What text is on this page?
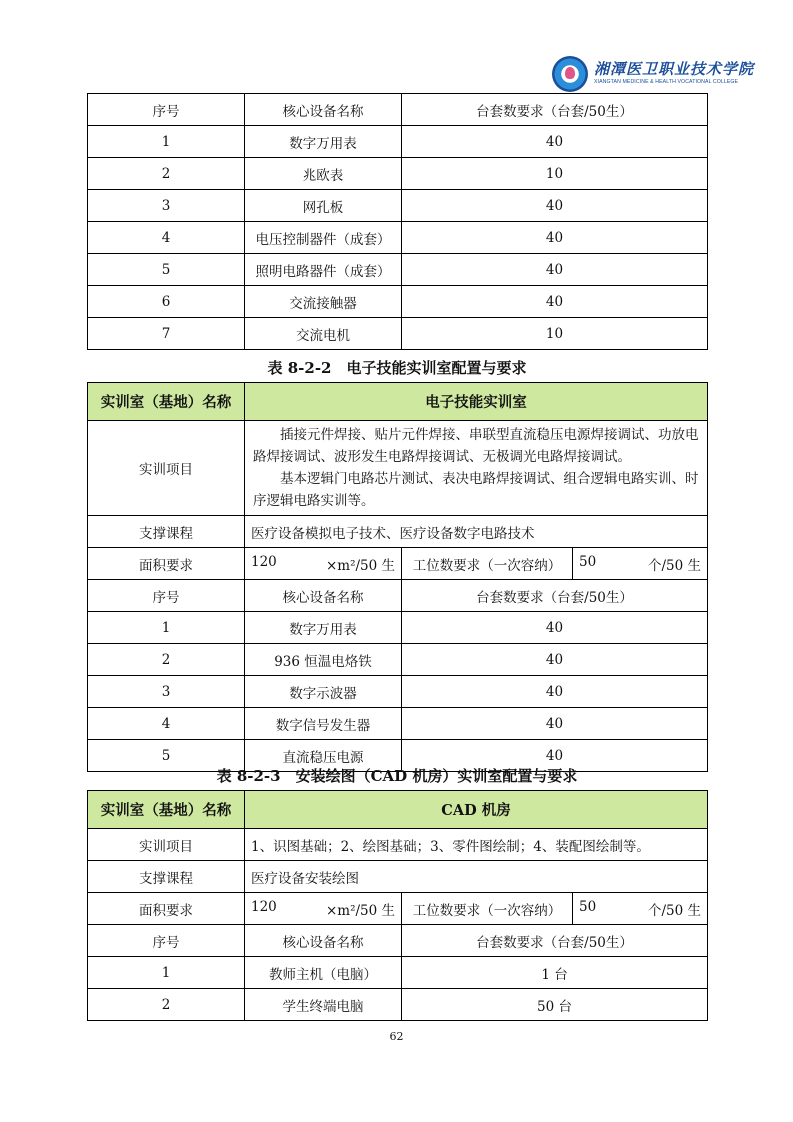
湘潭医卫职业技术学院
XIANGTAN MEDICINE & HEALTH VOCATIONAL COLLEGE
序号	核心设备名称	台套数要求（台套/50生）
1	数字万用表	40
2	兆欧表	10
3	网孔板	40
4	电压控制器件（成套）	40
5	照明电路器件（成套）	40
6	交流接触器	40
7	交流电机	10
表 8-2-2　电子技能实训室配置与要求
实训室（基地）名称	电子技能实训室		
实训项目	插接元件焊接、贴片元件焊接、串联型直流稳压电源焊接调试、功放电路焊接调试、波形发生电路焊接调试、无极调光电路焊接调试。

基本逻辑门电路芯片测试、表决电路焊接调试、组合逻辑电路实训、时序逻辑电路实训等。		

支撑课程	医疗设备模拟电子技术、医疗设备数字电路技术		
面积要求	120 ×m²/50 生	工位数要求（一次容纳）	50 个/50 生

序号	核心设备名称	台套数要求（台套/50生）	
1	数字万用表	40	
2	936 恒温电烙铁	40	
3	数字示波器	40	
4	数字信号发生器	40	
5	直流稳压电源	40	
表 8-2-3　安装绘图（CAD 机房）实训室配置与要求
实训室（基地）名称	CAD 机房		
实训项目	1、识图基础；2、绘图基础；3、零件图绘制；4、装配图绘制等。		
支撑课程	医疗设备安装绘图		
面积要求	120 ×m²/50 生	工位数要求（一次容纳）	50 个/50 生

序号	核心设备名称	台套数要求（台套/50生）	
1	教师主机（电脑）	1 台	
2	学生终端电脑	50 台	
62
